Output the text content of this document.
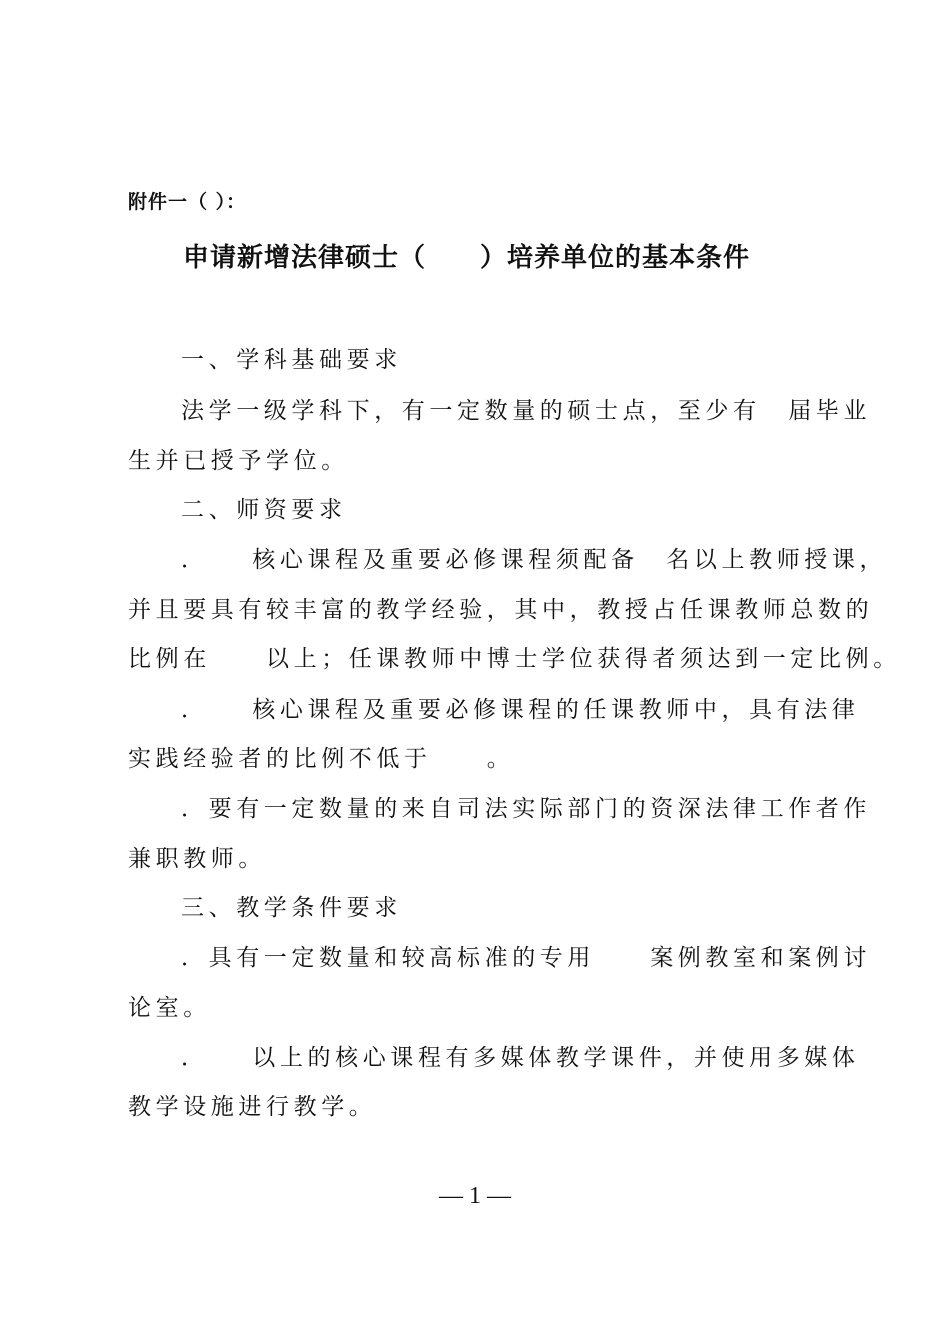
附件一（ ）：
申请新增法律硕士（　　）培养单位的基本条件
一、学科基础要求
法学一级学科下，有一定数量的硕士点，至少有　届毕业
生并已授予学位。
二、师资要求
．　　核心课程及重要必修课程须配备　名以上教师授课，
并且要具有较丰富的教学经验，其中，教授占任课教师总数的
比例在　　以上；任课教师中博士学位获得者须达到一定比例。
．　　核心课程及重要必修课程的任课教师中，具有法律
实践经验者的比例不低于　　。
．要有一定数量的来自司法实际部门的资深法律工作者作
兼职教师。
三、教学条件要求
．具有一定数量和较高标准的专用　　案例教室和案例讨
论室。
．　　以上的核心课程有多媒体教学课件，并使用多媒体
教学设施进行教学。
— 1 —
